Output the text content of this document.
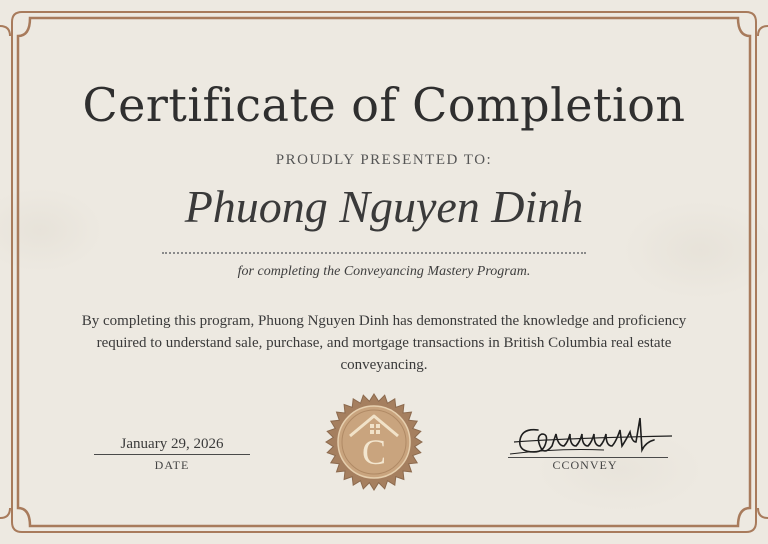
Certificate of Completion
PROUDLY PRESENTED TO:
Phuong Nguyen Dinh
for completing the Conveyancing Mastery Program.
By completing this program, Phuong Nguyen Dinh has demonstrated the knowledge and proficiency required to understand sale, purchase, and mortgage transactions in British Columbia real estate conveyancing.
January 29, 2026
DATE	C	CCONVEY
